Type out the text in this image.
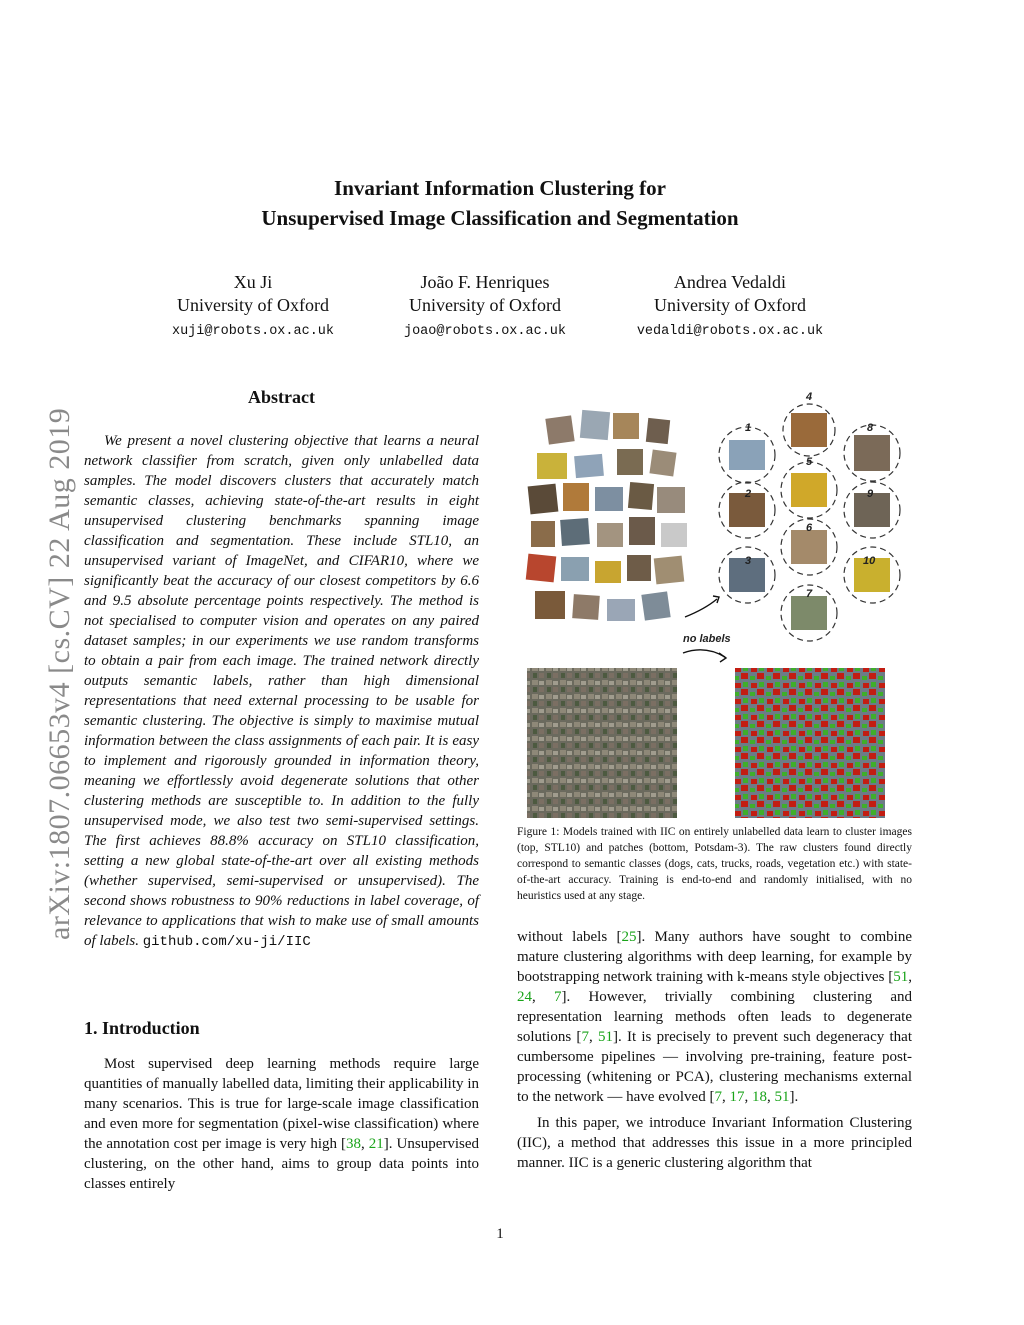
arXiv:1807.06653v4 [cs.CV] 22 Aug 2019
Invariant Information Clustering for
Unsupervised Image Classification and Segmentation
Xu Ji
University of Oxford
xuji@robots.ox.ac.uk
João F. Henriques
University of Oxford
joao@robots.ox.ac.uk
Andrea Vedaldi
University of Oxford
vedaldi@robots.ox.ac.uk
Abstract
We present a novel clustering objective that learns a neural network classifier from scratch, given only unlabelled data samples. The model discovers clusters that accurately match semantic classes, achieving state-of-the-art results in eight unsupervised clustering benchmarks spanning image classification and segmentation. These include STL10, an unsupervised variant of ImageNet, and CIFAR10, where we significantly beat the accuracy of our closest competitors by 6.6 and 9.5 absolute percentage points respectively. The method is not specialised to computer vision and operates on any paired dataset samples; in our experiments we use random transforms to obtain a pair from each image. The trained network directly outputs semantic labels, rather than high dimensional representations that need external processing to be usable for semantic clustering. The objective is simply to maximise mutual information between the class assignments of each pair. It is easy to implement and rigorously grounded in information theory, meaning we effortlessly avoid degenerate solutions that other clustering methods are susceptible to. In addition to the fully unsupervised mode, we also test two semi-supervised settings. The first achieves 88.8% accuracy on STL10 classification, setting a new global state-of-the-art over all existing methods (whether supervised, semi-supervised or unsupervised). The second shows robustness to 90% reductions in label coverage, of relevance to applications that wish to make use of small amounts of labels. github.com/xu-ji/IIC
1. Introduction

Most supervised deep learning methods require large quantities of manually labelled data, limiting their applicability in many scenarios. This is true for large-scale image classification and even more for segmentation (pixel-wise classification) where the annotation cost per image is very high [38, 21]. Unsupervised clustering, on the other hand, aims to group data points into classes entirely

without labels [25]. Many authors have sought to combine mature clustering algorithms with deep learning, for example by bootstrapping network training with k-means style objectives [51, 24, 7]. However, trivially combining clustering and representation learning methods often leads to degenerate solutions [7, 51]. It is precisely to prevent such degeneracy that cumbersome pipelines — involving pre-training, feature post-processing (whitening or PCA), clustering mechanisms external to the network — have evolved [7, 17, 18, 51].

In this paper, we introduce Invariant Information Clustering (IIC), a method that addresses this issue in a more principled manner. IIC is a generic clustering algorithm that

1
2
3
4
5
6
7
8
9
10
no labels
Figure 1: Models trained with IIC on entirely unlabelled data learn to cluster images (top, STL10) and patches (bottom, Potsdam-3). The raw clusters found directly correspond to semantic classes (dogs, cats, trucks, roads, vegetation etc.) with state-of-the-art accuracy. Training is end-to-end and randomly initialised, with no heuristics used at any stage.
1
